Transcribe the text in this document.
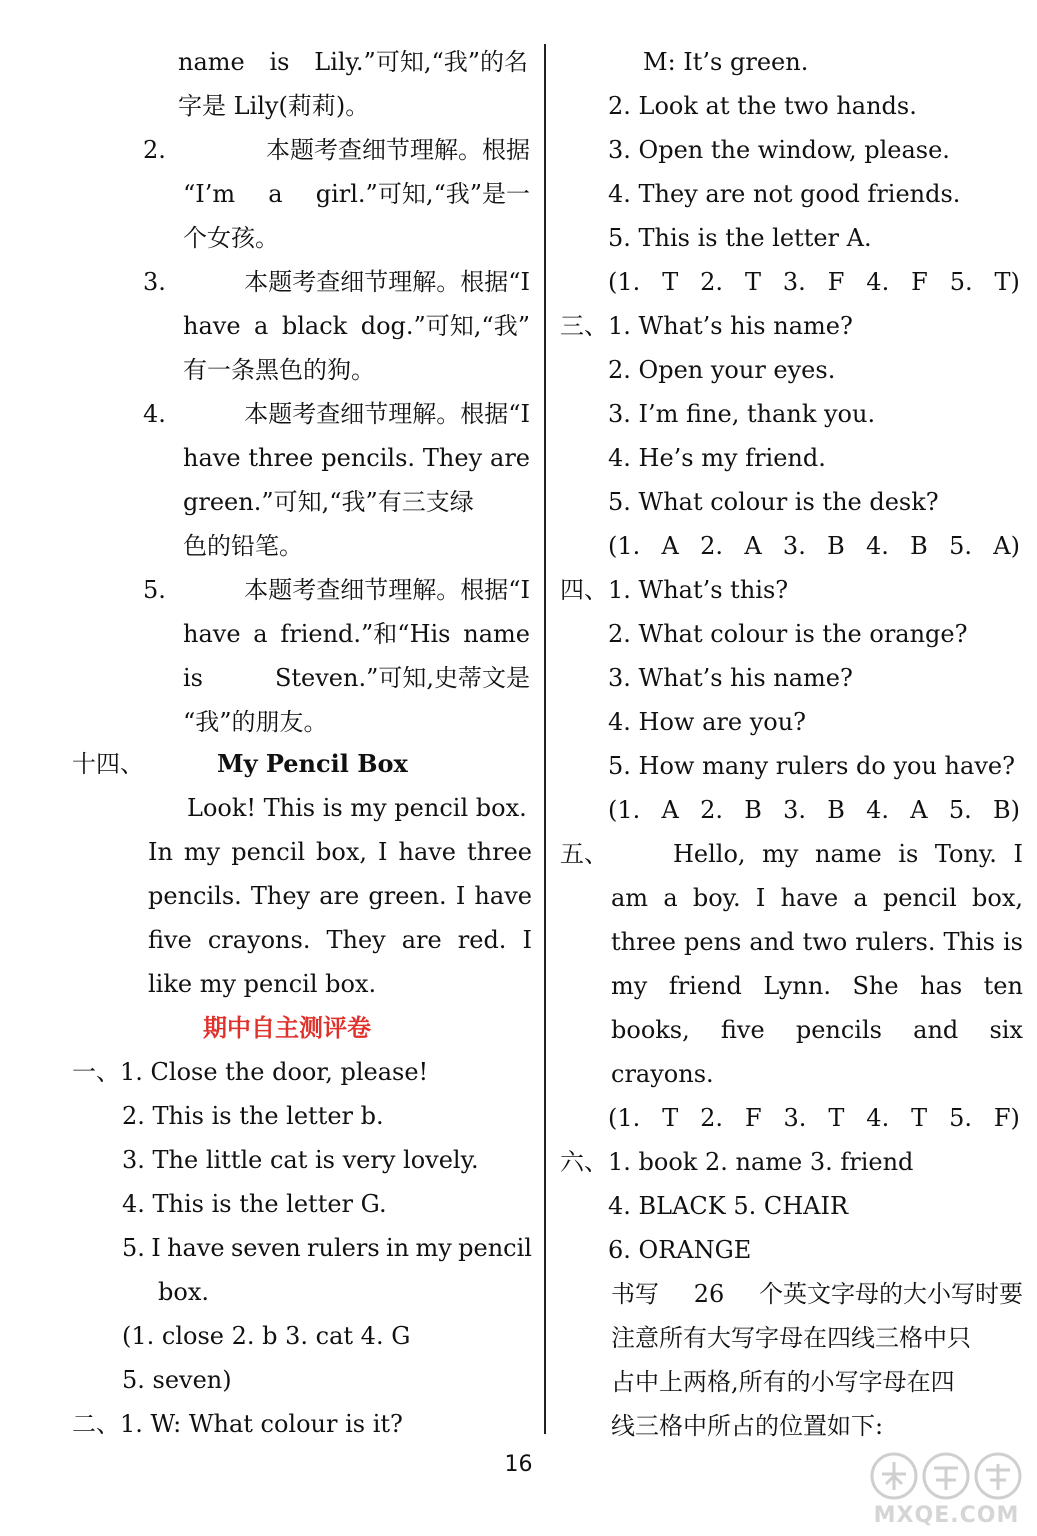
name is Lily.”可知,“我”的名
字是 Lily(莉莉)。
2.	本题考查细节理解。根据
“I’m a girl.”可知,“我”是一
个女孩。
3.	本题考查细节理解。根据“I
have a black dog.”可知,“我”
有一条黑色的狗。
4.	本题考查细节理解。根据“I
have three pencils. They are
green.”可知,“我”有三支绿
色的铅笔。
5.	本题考查细节理解。根据“I
have a friend.”和“His name
is	Steven.”可知,史蒂文是
“我”的朋友。
十四、	My Pencil Box
Look! This is my pencil box.
In my pencil box, I have three
pencils. They are green. I have
five crayons. They are red. I
like my pencil box.
期中自主测评卷
一、1. Close the door, please!
2. This is the letter b.
3. The little cat is very lovely.
4. This is the letter G.
5. I have seven rulers in my pencil
box.
(1. close 2. b 3. cat 4. G
5. seven)
二、1. W: What colour is it?
M: It’s green.
2. Look at the two hands.
3. Open the window, please.
4. They are not good friends.
5. This is the letter A.
(1. T 2. T 3. F 4. F 5. T)
三、1. What’s his name?
2. Open your eyes.
3. I’m fine, thank you.
4. He’s my friend.
5. What colour is the desk?
(1. A 2. A 3. B 4. B 5. A)
四、1. What’s this?
2. What colour is the orange?
3. What’s his name?
4. How are you?
5. How many rulers do you have?
(1. A 2. B 3. B 4. A 5. B)
五、	Hello, my name is Tony. I
am a boy. I have a pencil box,
three pens and two rulers. This is
my friend Lynn. She has ten
books, five pencils and six
crayons.
(1. T 2. F 3. T 4. T 5. F)
六、1. book 2. name 3. friend
4. BLACK 5. CHAIR
6. ORANGE
书写 26 个英文字母的大小写时要
注意所有大写字母在四线三格中只
占中上两格,所有的小写字母在四
线三格中所占的位置如下:
16
MXQE.COM
